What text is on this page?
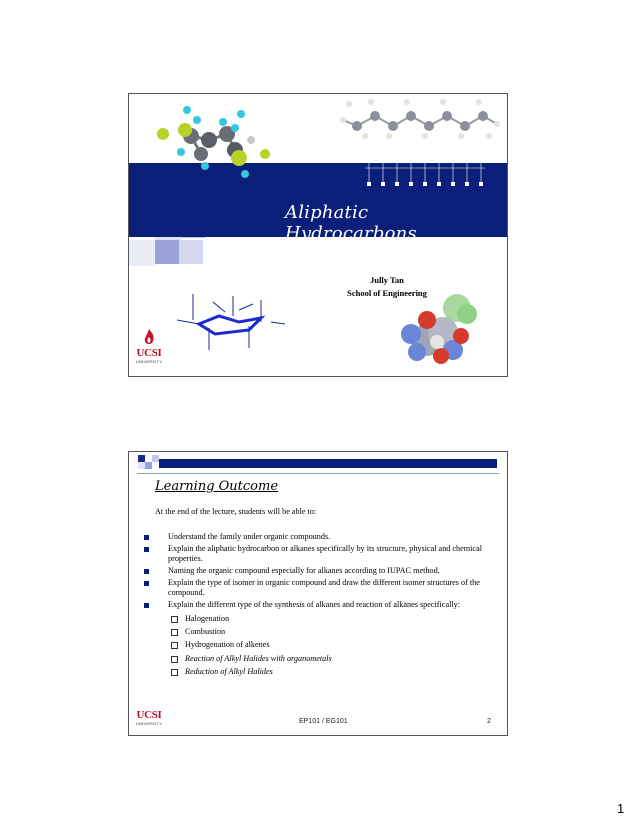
Aliphatic Hydrocarbons
Jully Tan
School of Engineering
UCSI
UNIVERSITY
Learning Outcome
At the end of the lecture, students will be able to:
Understand the family under organic compounds.
Explain the aliphatic hydrocarbon or alkanes specifically by its structure, physical and chemical properties.
Naming the organic compound especially for alkanes according to IUPAC method.
Explain the type of isomer in organic compound and draw the different isomer structures of the compound.
Explain the different type of the synthesis of alkanes and reaction of alkanes specifically:
Halogenation
Combustion
Hydrogenation of alkenes
Reaction of Alkyl Halides with organometals
Reduction of Alkyl Halides
UCSI
UNIVERSITY	EP101 / EG101	2
1
